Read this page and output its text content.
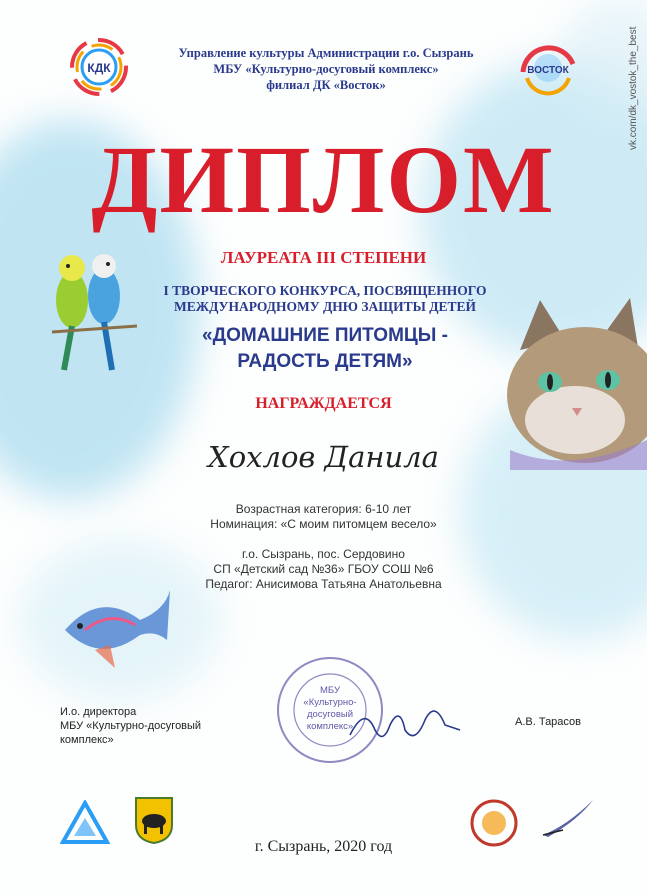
КДК	ВОСТОК
Управление культуры Администрации г.о. Сызрань
МБУ «Культурно-досуговый комплекс»
филиал ДК «Восток»	vk.com/dk_vostok_the_best
ДИПЛОМ
ЛАУРЕАТА III СТЕПЕНИ
I ТВОРЧЕСКОГО КОНКУРСА, ПОСВЯЩЕННОГО
МЕЖДУНАРОДНОМУ ДНЮ ЗАЩИТЫ ДЕТЕЙ
«ДОМАШНИЕ ПИТОМЦЫ -
РАДОСТЬ ДЕТЯМ»
НАГРАЖДАЕТСЯ
Хохлов Данила
Возрастная категория: 6-10 лет
Номинация: «С моим питомцем весело»
г.о. Сызрань, пос. Сердовино
СП «Детский сад №36» ГБОУ СОШ №6
Педагог: Анисимова Татьяна Анатольевна
И.о. директора
МБУ «Культурно-досуговый
комплекс»
МБУ
«Культурно-
досуговый
комплекс»	А.В. Тарасов
г. Сызрань, 2020 год
